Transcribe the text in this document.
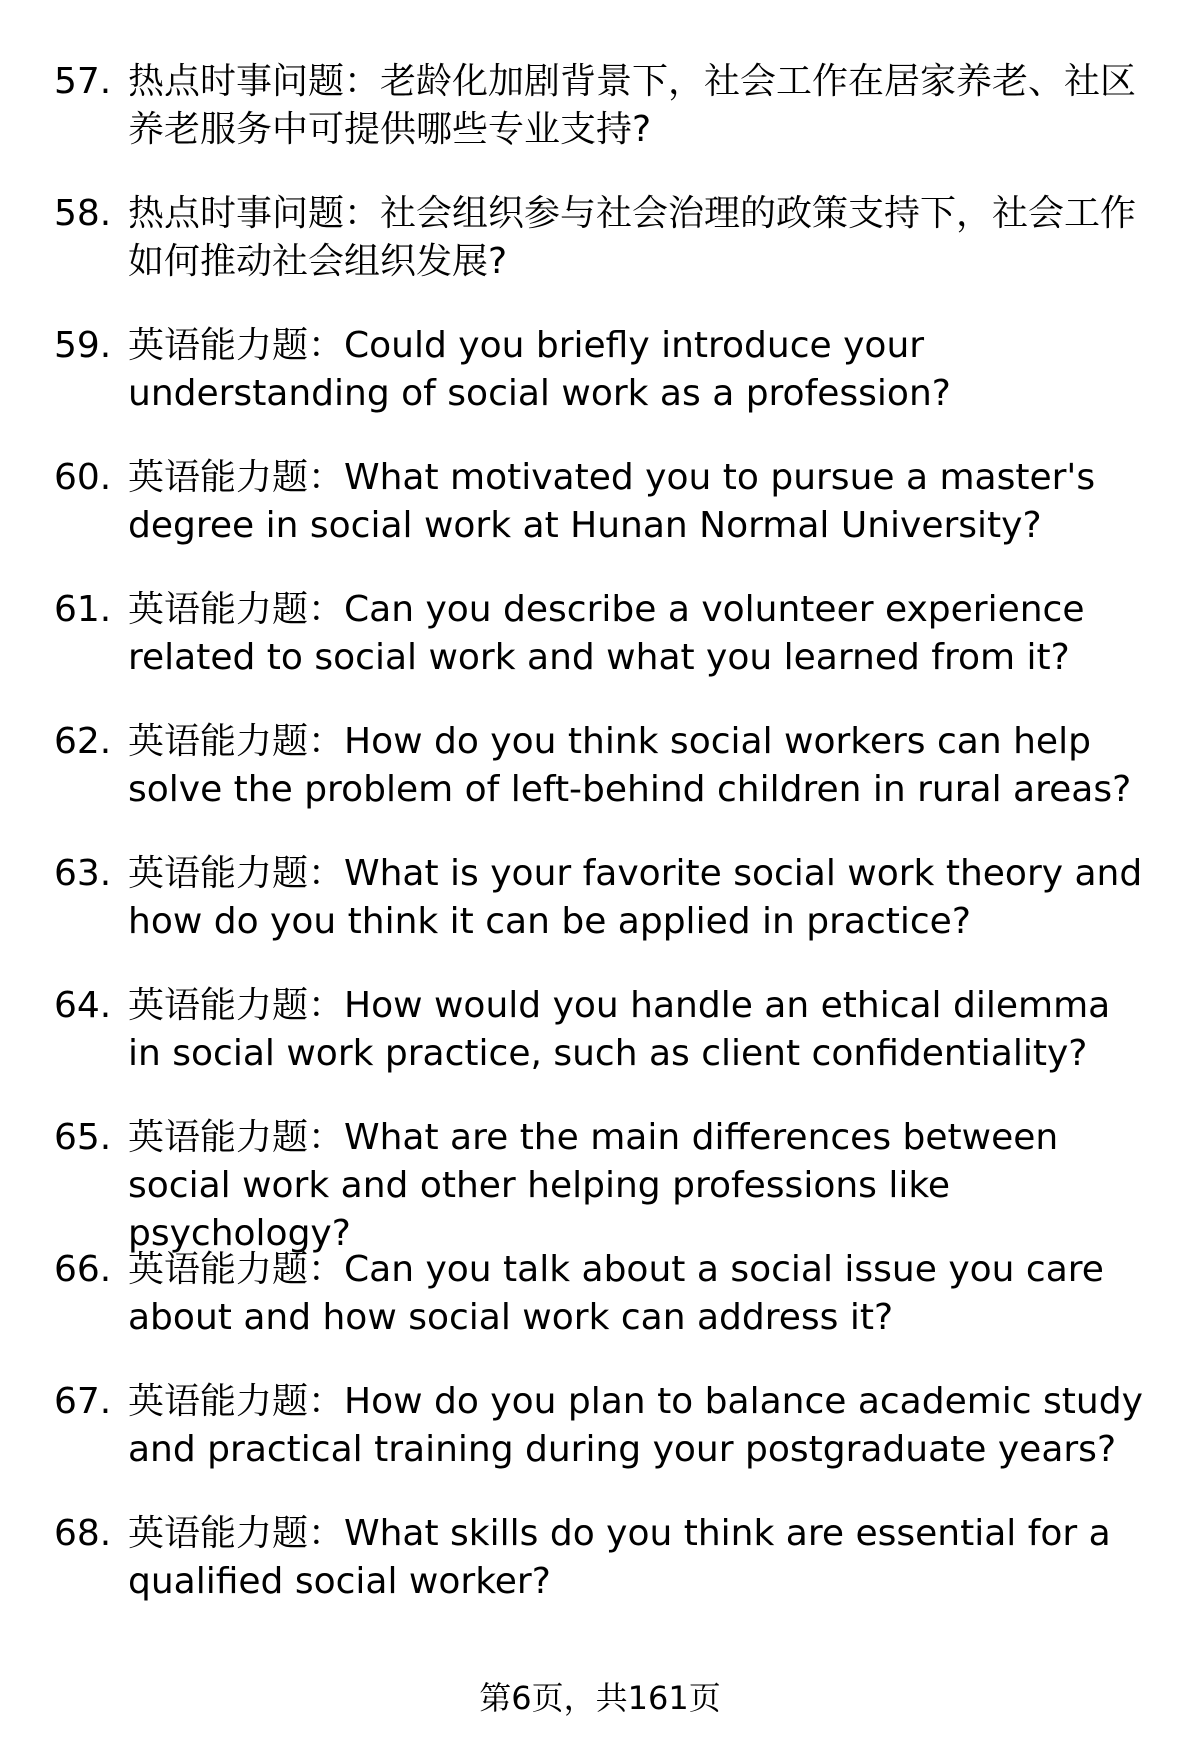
57. 热点时事问题：老龄化加剧背景下，社会工作在居家养老、社区养老服务中可提供哪些专业支持?
58. 热点时事问题：社会组织参与社会治理的政策支持下，社会工作如何推动社会组织发展?
59. 英语能力题：Could you briefly introduce your understanding of social work as a profession?
60. 英语能力题：What motivated you to pursue a master's degree in social work at Hunan Normal University?
61. 英语能力题：Can you describe a volunteer experience related to social work and what you learned from it?
62. 英语能力题：How do you think social workers can help solve the problem of left-behind children in rural areas?
63. 英语能力题：What is your favorite social work theory and how do you think it can be applied in practice?
64. 英语能力题：How would you handle an ethical dilemma in social work practice, such as client confidentiality?
65. 英语能力题：What are the main differences between social work and other helping professions like psychology?
66. 英语能力题：Can you talk about a social issue you care about and how social work can address it?
67. 英语能力题：How do you plan to balance academic study and practical training during your postgraduate years?
68. 英语能力题：What skills do you think are essential for a qualified social worker?
第6页，共161页
